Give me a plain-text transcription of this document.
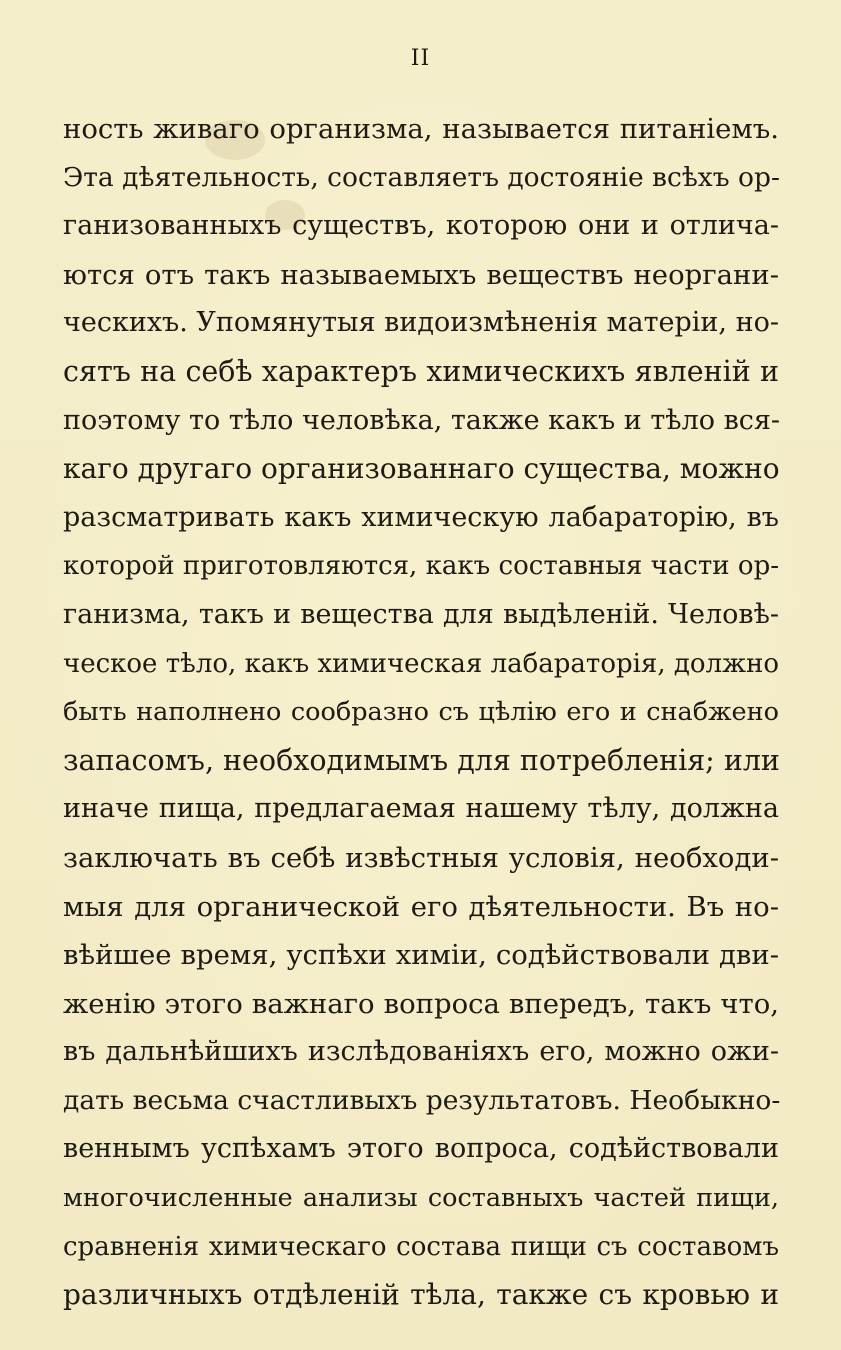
II
ность живаго организма, называется питаніемъ.
Эта дѣятельность, составляетъ достояніе всѣхъ ор-
ганизованныхъ существъ, которою они и отлича-
ются отъ такъ называемыхъ веществъ неоргани-
ческихъ. Упомянутыя видоизмѣненія матеріи, но-
сятъ на себѣ характеръ химическихъ явленій и
поэтому то тѣло человѣка, также какъ и тѣло вся-
каго другаго организованнаго существа, можно
разсматривать какъ химическую лабараторію, въ
которой приготовляются, какъ составныя части ор-
ганизма, такъ и вещества для выдѣленій. Человѣ-
ческое тѣло, какъ химическая лабараторія, должно
быть наполнено сообразно съ цѣлію его и снабжено
запасомъ, необходимымъ для потребленія; или
иначе пища, предлагаемая нашему тѣлу, должна
заключать въ себѣ извѣстныя условія, необходи-
мыя для органической его дѣятельности. Въ но-
вѣйшее время, успѣхи химіи, содѣйствовали дви-
женію этого важнаго вопроса впередъ, такъ что,
въ дальнѣйшихъ изслѣдованіяхъ его, можно ожи-
дать весьма счастливыхъ результатовъ. Необыкно-
веннымъ успѣхамъ этого вопроса, содѣйствовали
многочисленные анализы составныхъ частей пищи,
сравненія химическаго состава пищи съ составомъ
различныхъ отдѣленій тѣла, также съ кровью и
